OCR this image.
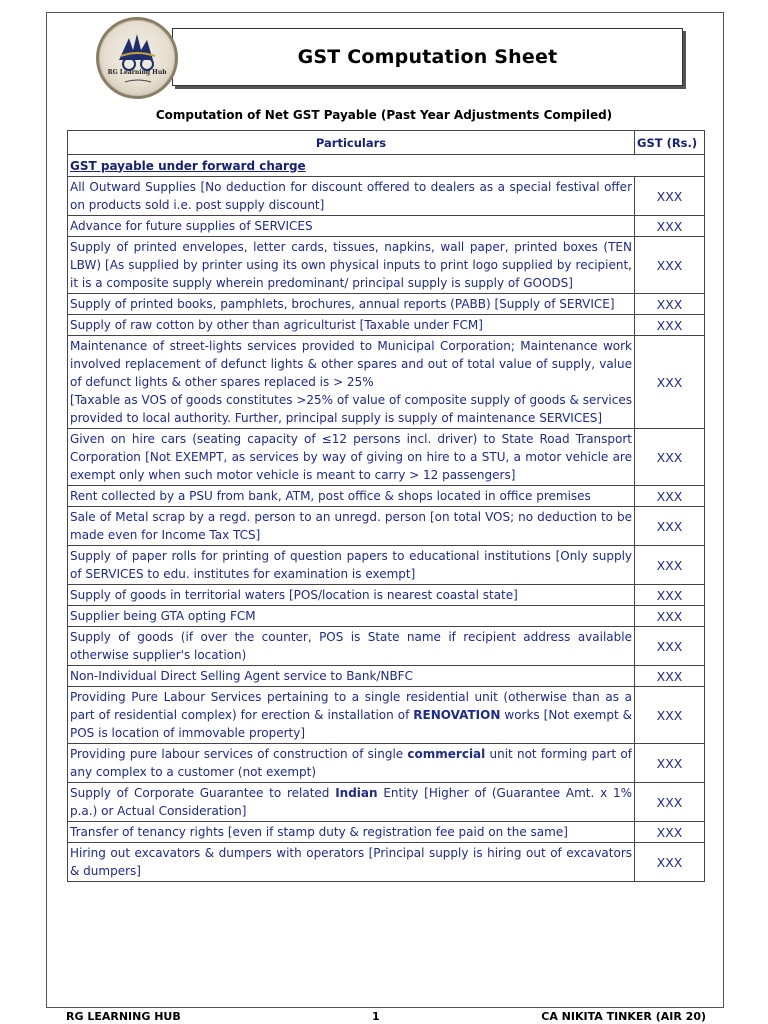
RG Learning Hub
GST Computation Sheet
Computation of Net GST Payable (Past Year Adjustments Compiled)
Particulars	GST (Rs.)
GST payable under forward charge	
All Outward Supplies [No deduction for discount offered to dealers as a special festival offer on products sold i.e. post supply discount]	XXX
Advance for future supplies of SERVICES	XXX
Supply of printed envelopes, letter cards, tissues, napkins, wall paper, printed boxes (TEN LBW) [As supplied by printer using its own physical inputs to print logo supplied by recipient, it is a composite supply wherein predominant/ principal supply is supply of GOODS]	XXX
Supply of printed books, pamphlets, brochures, annual reports (PABB) [Supply of SERVICE]	XXX
Supply of raw cotton by other than agriculturist [Taxable under FCM]	XXX
Maintenance of street-lights services provided to Municipal Corporation; Maintenance work involved replacement of defunct lights & other spares and out of total value of supply, value of defunct lights & other spares replaced is > 25%
[Taxable as VOS of goods constitutes >25% of value of composite supply of goods & services provided to local authority. Further, principal supply is supply of maintenance SERVICES]	XXX
Given on hire cars (seating capacity of ≤12 persons incl. driver) to State Road Transport Corporation [Not EXEMPT, as services by way of giving on hire to a STU, a motor vehicle are exempt only when such motor vehicle is meant to carry > 12 passengers]	XXX
Rent collected by a PSU from bank, ATM, post office & shops located in office premises	XXX
Sale of Metal scrap by a regd. person to an unregd. person [on total VOS; no deduction to be made even for Income Tax TCS]	XXX
Supply of paper rolls for printing of question papers to educational institutions [Only supply of SERVICES to edu. institutes for examination is exempt]	XXX
Supply of goods in territorial waters [POS/location is nearest coastal state]	XXX
Supplier being GTA opting FCM	XXX
Supply of goods (if over the counter, POS is State name if recipient address available otherwise supplier's location)	XXX
Non-Individual Direct Selling Agent service to Bank/NBFC	XXX
Providing Pure Labour Services pertaining to a single residential unit (otherwise than as a part of residential complex) for erection & installation of RENOVATION works [Not exempt & POS is location of immovable property]	XXX
Providing pure labour services of construction of single commercial unit not forming part of any complex to a customer (not exempt)	XXX
Supply of Corporate Guarantee to related Indian Entity [Higher of (Guarantee Amt. x 1% p.a.) or Actual Consideration]	XXX
Transfer of tenancy rights [even if stamp duty & registration fee paid on the same]	XXX
Hiring out excavators & dumpers with operators [Principal supply is hiring out of excavators & dumpers]	XXX
RG LEARNING HUB	1	CA NIKITA TINKER (AIR 20)
